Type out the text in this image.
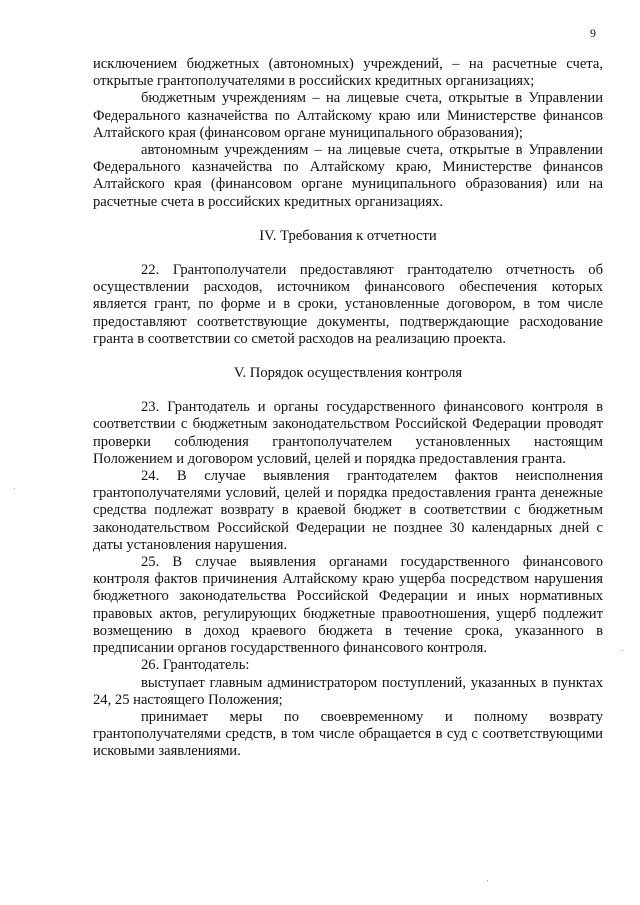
9

исключением бюджетных (автономных) учреждений, – на расчетные счета, открытые грантополучателями в российских кредитных организациях;

бюджетным учреждениям – на лицевые счета, открытые в Управлении Федерального казначейства по Алтайскому краю или Министерстве финансов Алтайского края (финансовом органе муниципального образования);

автономным учреждениям – на лицевые счета, открытые в Управлении Федерального казначейства по Алтайскому краю, Министерстве финансов Алтайского края (финансовом органе муниципального образования) или на расчетные счета в российских кредитных организациях.

IV. Требования к отчетности

22. Грантополучатели предоставляют грантодателю отчетность об осуществлении расходов, источником финансового обеспечения которых является грант, по форме и в сроки, установленные договором, в том числе предоставляют соответствующие документы, подтверждающие расходование гранта в соответствии со сметой расходов на реализацию проекта.

V. Порядок осуществления контроля

23. Грантодатель и органы государственного финансового контроля в соответствии с бюджетным законодательством Российской Федерации проводят проверки соблюдения грантополучателем установленных настоящим Положением и договором условий, целей и порядка предоставления гранта.

24. В случае выявления грантодателем фактов неисполнения грантополучателями условий, целей и порядка предоставления гранта денежные средства подлежат возврату в краевой бюджет в соответствии с бюджетным законодательством Российской Федерации не позднее 30 календарных дней с даты установления нарушения.

25. В случае выявления органами государственного финансового контроля фактов причинения Алтайскому краю ущерба посредством нарушения бюджетного законодательства Российской Федерации и иных нормативных правовых актов, регулирующих бюджетные правоотношения, ущерб подлежит возмещению в доход краевого бюджета в течение срока, указанного в предписании органов государственного финансового контроля.

26. Грантодатель:

выступает главным администратором поступлений, указанных в пунктах 24, 25 настоящего Положения;

принимает меры по своевременному и полному возврату грантополучателями средств, в том числе обращается в суд с соответствующими исковыми заявлениями.
